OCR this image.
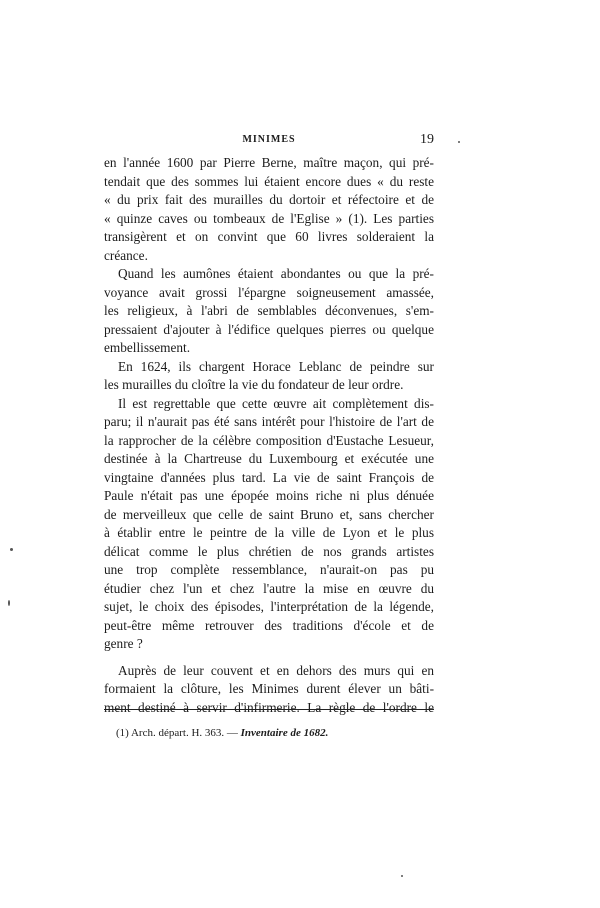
MINIMES	19
en l'année 1600 par Pierre Berne, maître maçon, qui pré-
tendait que des sommes lui étaient encore dues « du reste
« du prix fait des murailles du dortoir et réfectoire et de
« quinze caves ou tombeaux de l'Eglise » (1). Les parties
transigèrent et on convint que 60 livres solderaient la
créance.
Quand les aumônes étaient abondantes ou que la pré-
voyance avait grossi l'épargne soigneusement amassée,
les religieux, à l'abri de semblables déconvenues, s'em-
pressaient d'ajouter à l'édifice quelques pierres ou quelque
embellissement.
En 1624, ils chargent Horace Leblanc de peindre sur
les murailles du cloître la vie du fondateur de leur ordre.
Il est regrettable que cette œuvre ait complètement dis-
paru; il n'aurait pas été sans intérêt pour l'histoire de l'art de
la rapprocher de la célèbre composition d'Eustache Lesueur,
destinée à la Chartreuse du Luxembourg et exécutée une
vingtaine d'années plus tard. La vie de saint François de
Paule n'était pas une épopée moins riche ni plus dénuée
de merveilleux que celle de saint Bruno et, sans chercher
à établir entre le peintre de la ville de Lyon et le plus
délicat comme le plus chrétien de nos grands artistes
une trop complète ressemblance, n'aurait-on pas pu
étudier chez l'un et chez l'autre la mise en œuvre du
sujet, le choix des épisodes, l'interprétation de la légende,
peut-être même retrouver des traditions d'école et de
genre ?
Auprès de leur couvent et en dehors des murs qui en
formaient la clôture, les Minimes durent élever un bâti-
ment destiné à servir d'infirmerie. La règle de l'ordre le
(1) Arch. départ. H. 363. — Inventaire de 1682.
